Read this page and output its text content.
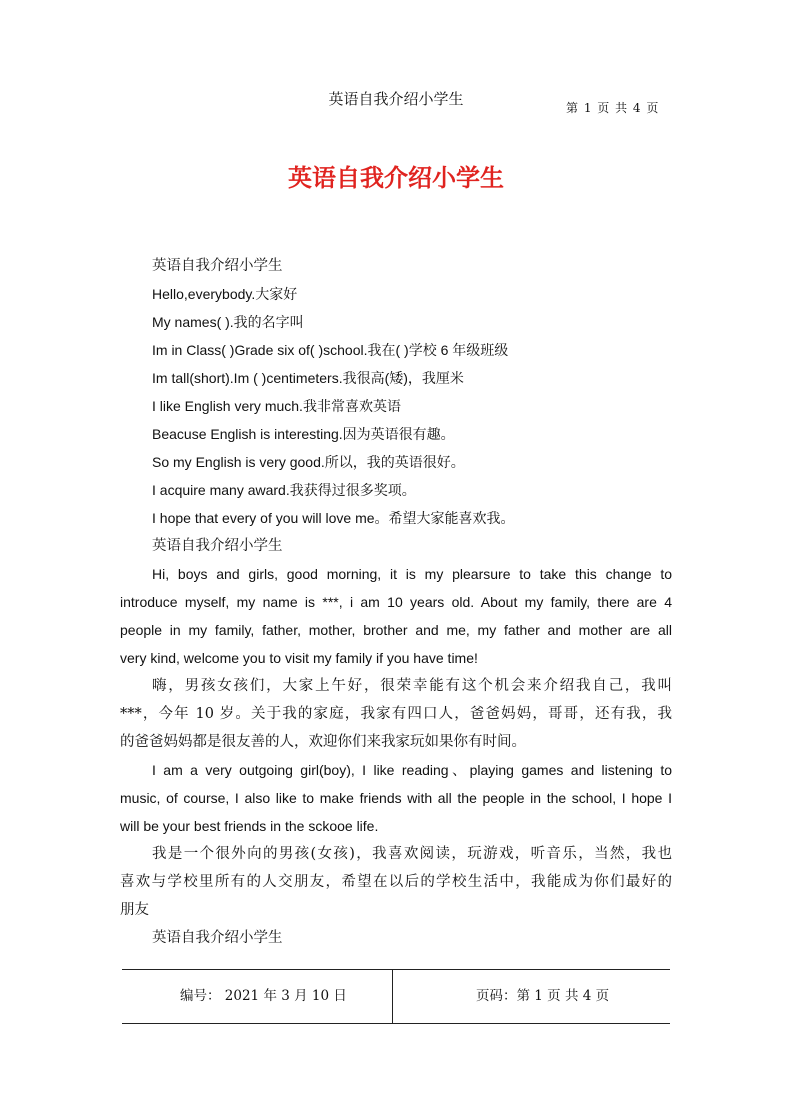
英语自我介绍小学生	第 1 页 共 4 页
英语自我介绍小学生
英语自我介绍小学生
Hello,everybody.大家好
My names( ).我的名字叫
Im in Class( )Grade six of( )school.我在( )学校 6 年级班级
Im tall(short).Im ( )centimeters.我很高(矮)，我厘米
I like English very much.我非常喜欢英语
Beacuse English is interesting.因为英语很有趣。
So my English is very good.所以，我的英语很好。
I acquire many award.我获得过很多奖项。
I hope that every of you will love me。希望大家能喜欢我。
英语自我介绍小学生
Hi, boys and girls, good morning, it is my plearsure to take this change to
introduce myself, my name is ***, i am 10 years old. About my family, there are 4
people in my family, father, mother, brother and me, my father and mother are all
very kind, welcome you to visit my family if you have time!
嗨，男孩女孩们，大家上午好，很荣幸能有这个机会来介绍我自己，我叫
***，今年 10 岁。关于我的家庭，我家有四口人，爸爸妈妈，哥哥，还有我，我
的爸爸妈妈都是很友善的人，欢迎你们来我家玩如果你有时间。
I am a very outgoing girl(boy), I like reading、playing games and listening to
music, of course, I also like to make friends with all the people in the school, I hope I
will be your best friends in the sckooe life.
我是一个很外向的男孩(女孩)，我喜欢阅读，玩游戏，听音乐，当然，我也
喜欢与学校里所有的人交朋友，希望在以后的学校生活中，我能成为你们最好的
朋友
英语自我介绍小学生
编号： 2021 年 3 月 10 日	页码：第 1 页 共 4 页
